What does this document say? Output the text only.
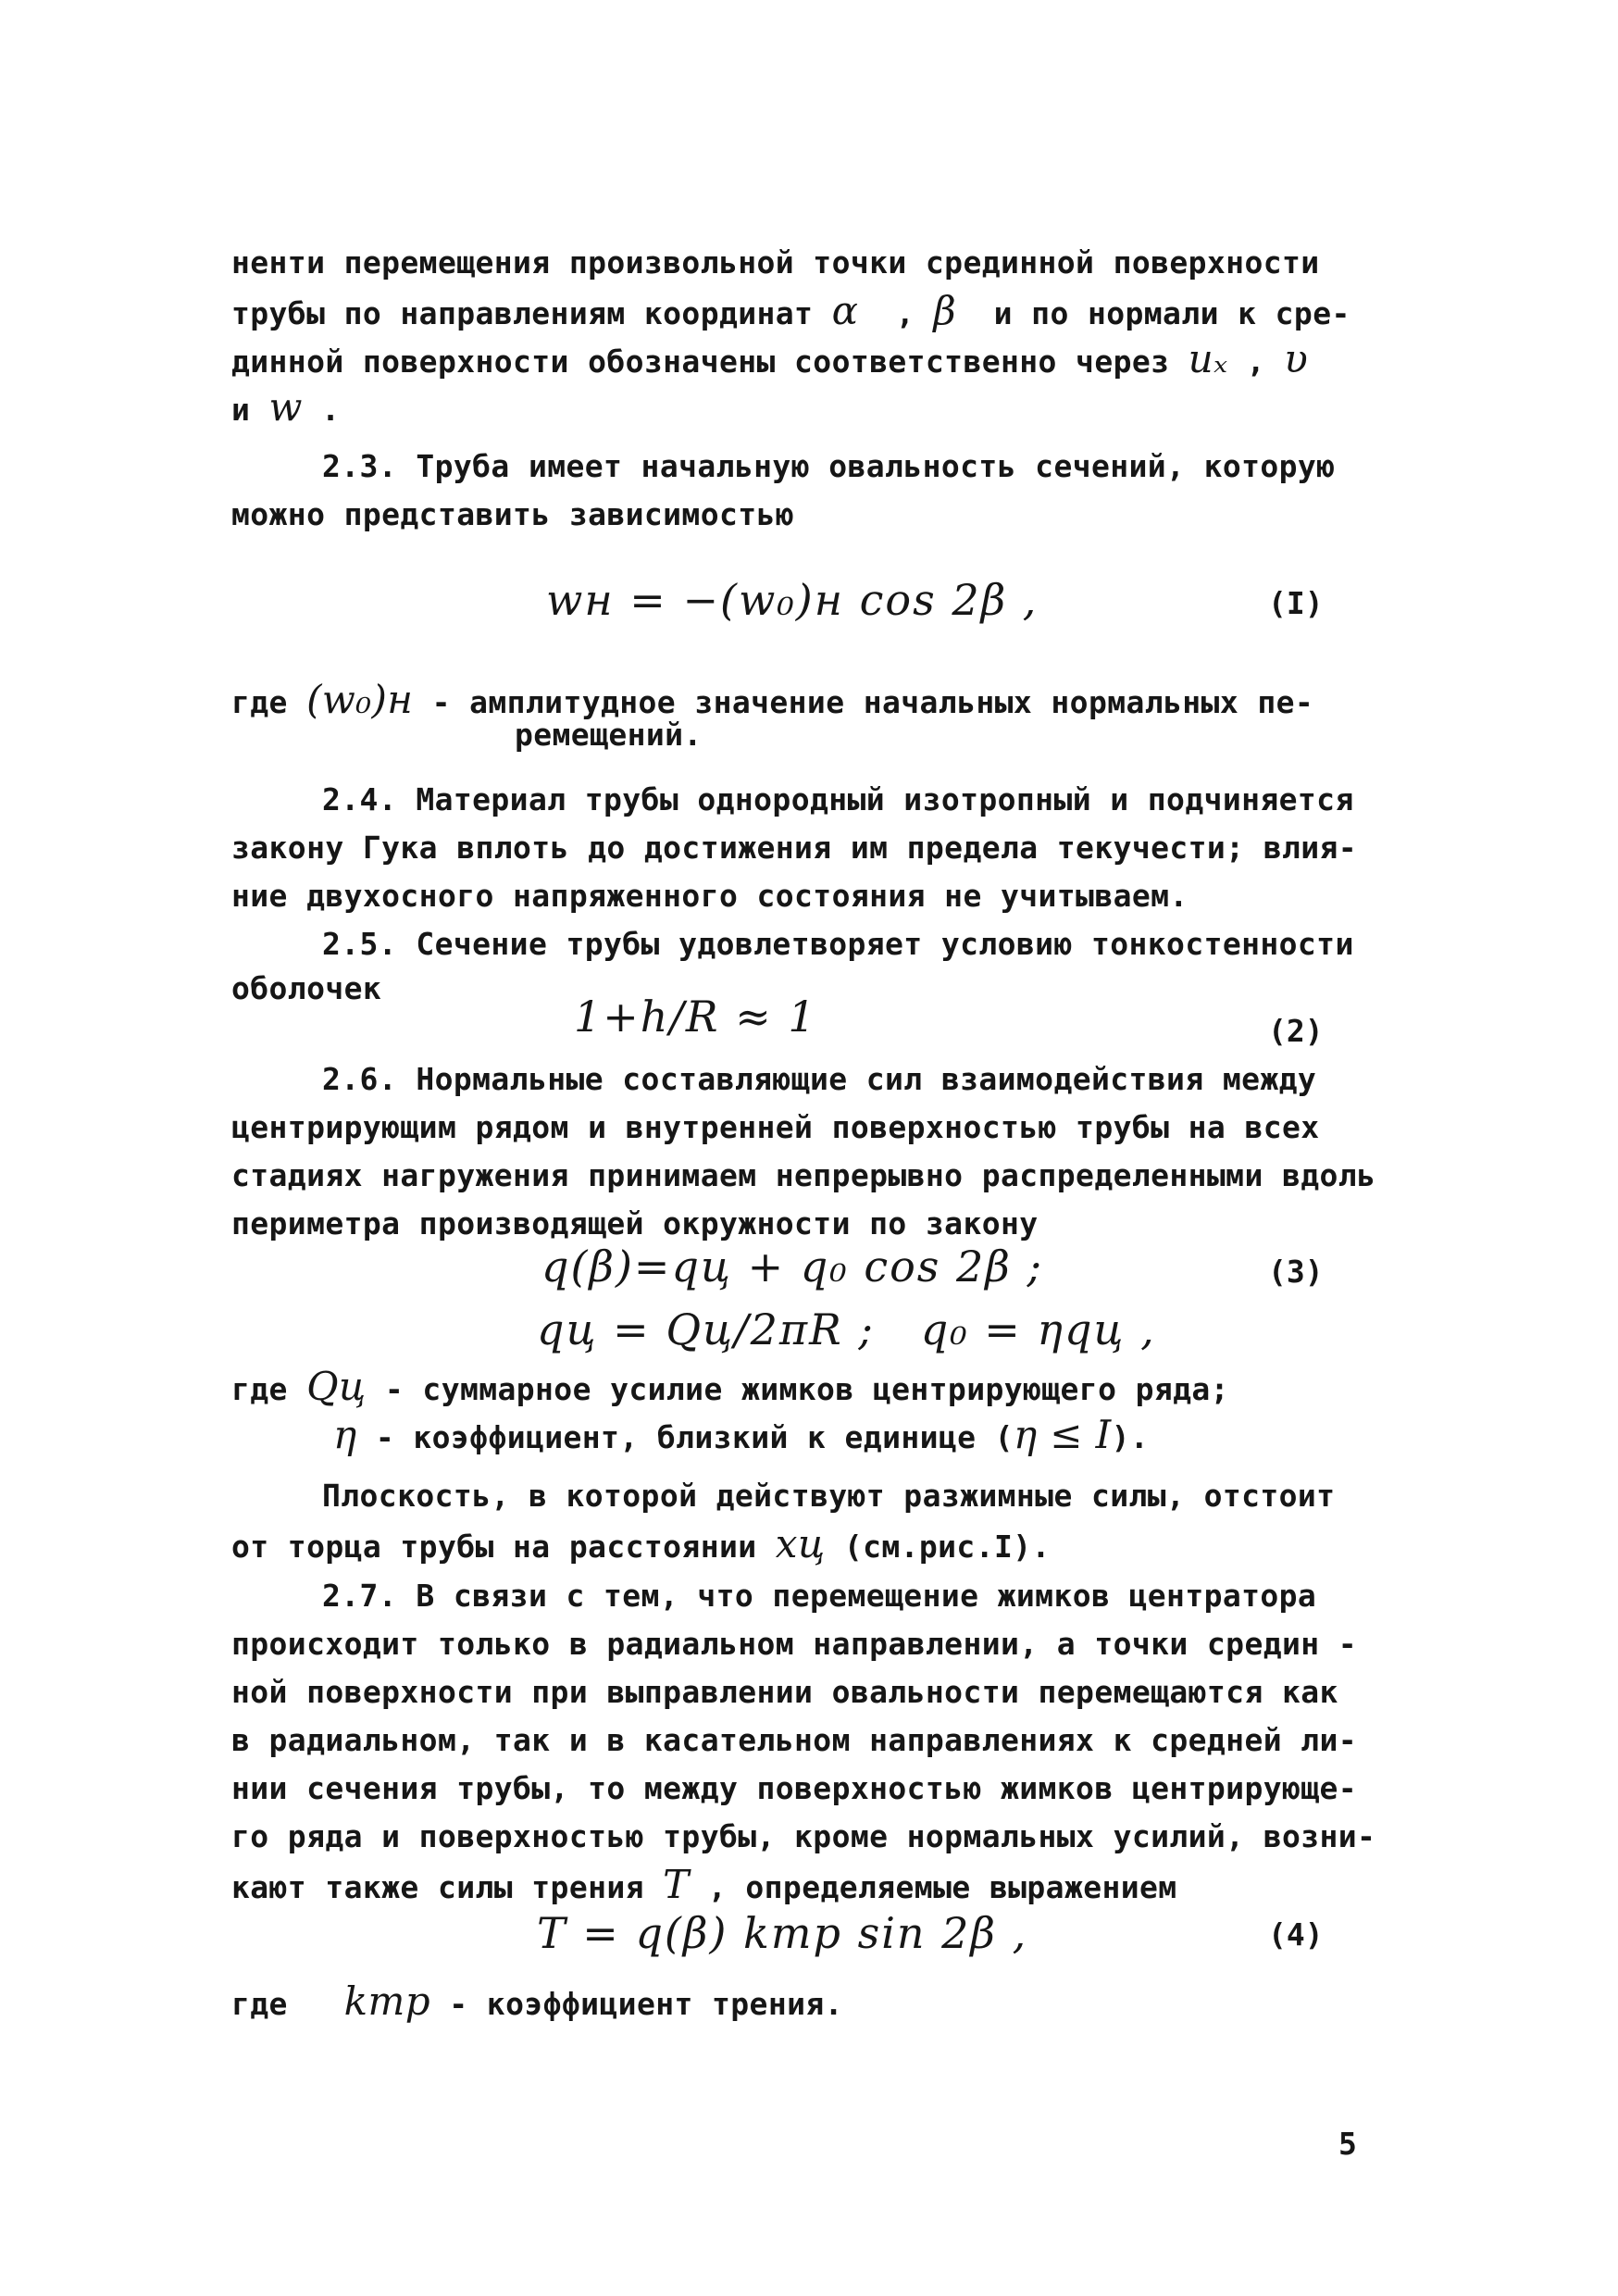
ненти перемещения произвольной точки срединной поверхности
трубы по направлениям координат α  , β  и по нормали к сре-
динной поверхности обозначены соответственно через uₓ , υ
и w .
2.3. Труба имеет начальную овальность сечений, которую
можно представить зависимостью
wн = −(w₀)н cos 2β ,	(I)
где (w₀)н - амплитудное значение начальных нормальных пе-
ремещений.
2.4. Материал трубы однородный изотропный и подчиняется
закону Гука вплоть до достижения им предела текучести; влия-
ние двухосного напряженного состояния не учитываем.
2.5. Сечение трубы удовлетворяет условию тонкостенности
оболочек
1+h/R ≈ 1	(2)
2.6. Нормальные составляющие сил взаимодействия между
центрирующим рядом и внутренней поверхностью трубы на всех
стадиях нагружения принимаем непрерывно распределенными вдоль
периметра производящей окружности по закону
q(β)=qц + q₀ cos 2β ;	(3)
qц = Qц/2πR ;   q₀ = ηqц ,
где Qц - суммарное усилие жимков центрирующего ряда;
η - коэффициент, близкий к единице (η ≤ I).
Плоскость, в которой действуют разжимные силы, отстоит
от торца трубы на расстоянии xц (см.рис.I).
2.7. В связи с тем, что перемещение жимков центратора
происходит только в радиальном направлении, а точки средин -
ной поверхности при выправлении овальности перемещаются как
в радиальном, так и в касательном направлениях к средней ли-
нии сечения трубы, то между поверхностью жимков центрирующе-
го ряда и поверхностью трубы, кроме нормальных усилий, возни-
кают также силы трения T , определяемые выражением
T = q(β) kтр sin 2β ,	(4)
где   kтр - коэффициент трения.
5
